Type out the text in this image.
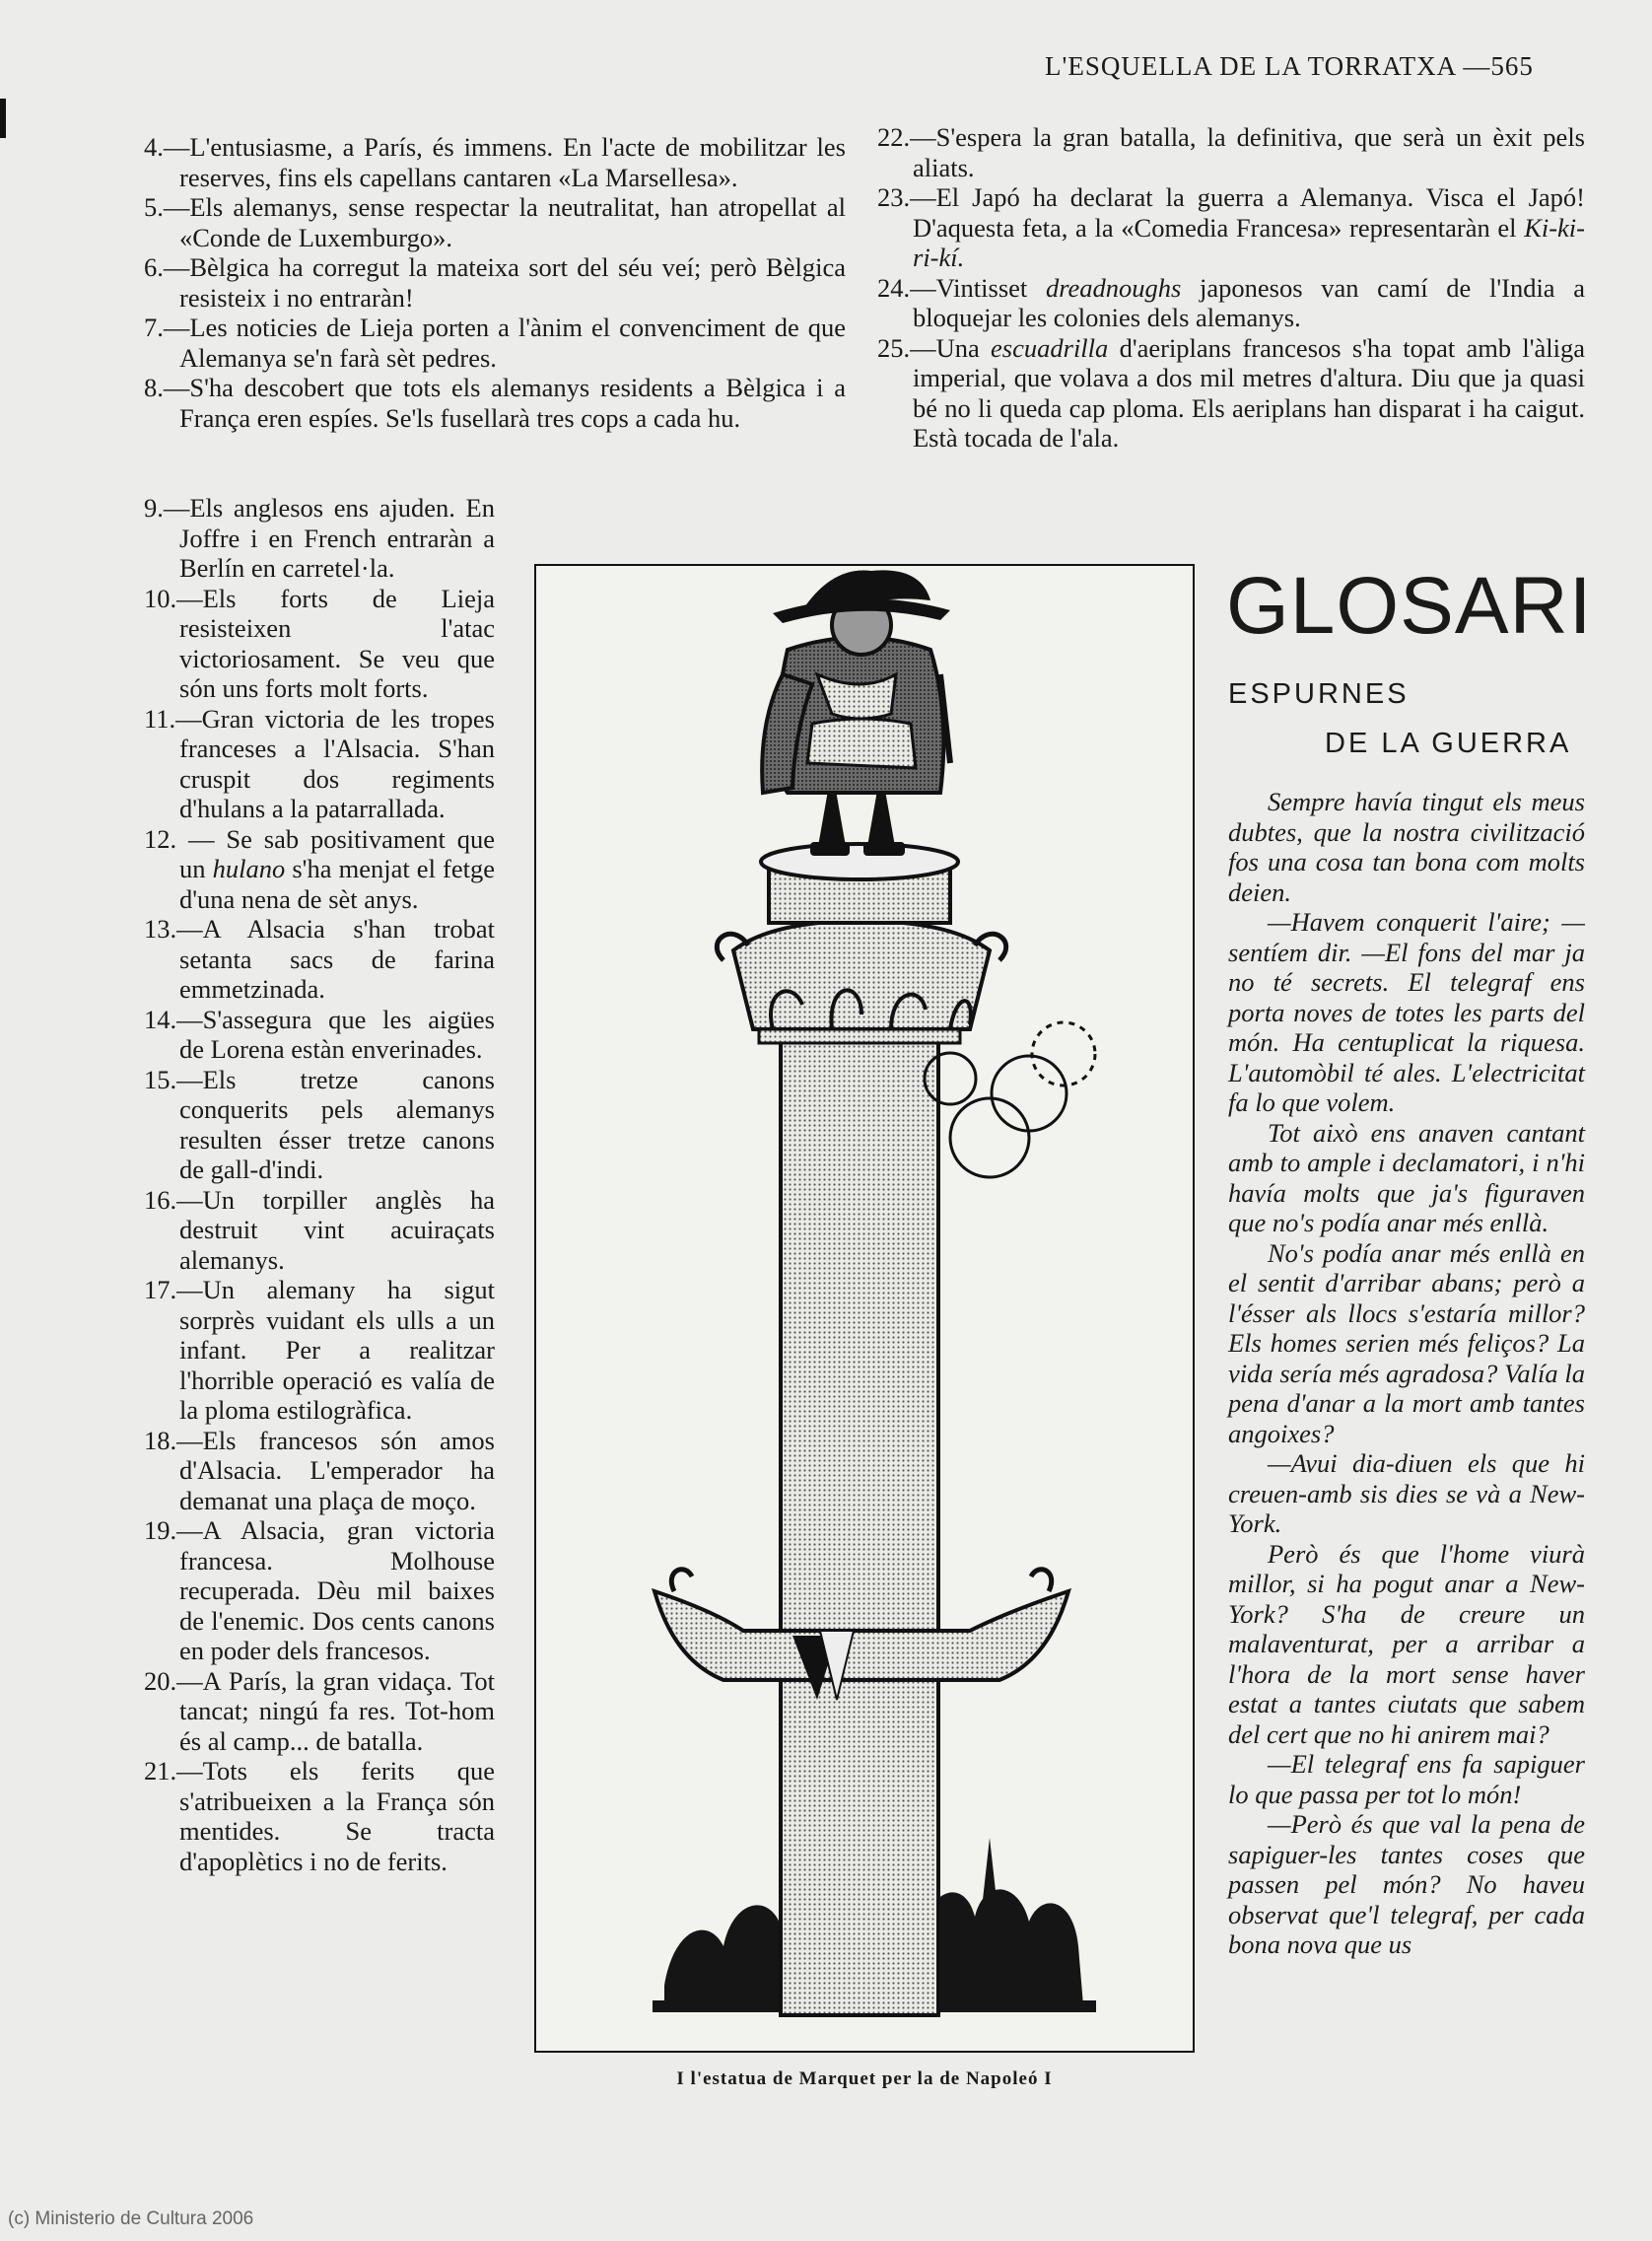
L'ESQUELLA DE LA TORRATXA —565

4.—L'entusiasme, a París, és immens. En l'acte de mobilitzar les reserves, fins els capellans cantaren «La Marsellesa».

5.—Els alemanys, sense respectar la neutralitat, han atropellat al «Conde de Luxemburgo».

6.—Bèlgica ha corregut la mateixa sort del séu veí; però Bèlgica resisteix i no entraràn!

7.—Les noticies de Lieja porten a l'ànim el convenciment de que Alemanya se'n farà sèt pedres.

8.—S'ha descobert que tots els alemanys residents a Bèlgica i a França eren espíes. Se'ls fusellarà tres cops a cada hu.

9.—Els anglesos ens ajuden. En Joffre i en French entraràn a Berlín en carretel·la.

10.—Els forts de Lieja resisteixen l'atac victoriosament. Se veu que són uns forts molt forts.

11.—Gran victoria de les tropes franceses a l'Alsacia. S'han cruspit dos regiments d'hulans a la patarrallada.

12. — Se sab positivament que un hulano s'ha menjat el fetge d'una nena de sèt anys.

13.—A Alsacia s'han trobat setanta sacs de farina emmetzinada.

14.—S'assegura que les aigües de Lorena estàn enverinades.

15.—Els tretze canons conquerits pels alemanys resulten ésser tretze canons de gall-d'indi.

16.—Un torpiller anglès ha destruit vint acuiraçats alemanys.

17.—Un alemany ha sigut sorprès vuidant els ulls a un infant. Per a realitzar l'horrible operació es valía de la ploma estilogràfica.

18.—Els francesos són amos d'Alsacia. L'emperador ha demanat una plaça de moço.

19.—A Alsacia, gran victoria francesa. Molhouse recuperada. Dèu mil baixes de l'enemic. Dos cents canons en poder dels francesos.

20.—A París, la gran vidaça. Tot tancat; ningú fa res. Tot-hom és al camp... de batalla.

21.—Tots els ferits que s'atribueixen a la França són mentides. Se tracta d'apoplètics i no de ferits.

22.—S'espera la gran batalla, la definitiva, que serà un èxit pels aliats.

23.—El Japó ha declarat la guerra a Alemanya. Visca el Japó! D'aquesta feta, a la «Comedia Francesa» representaràn el Ki-ki-ri-kí.

24.—Vintisset dreadnoughs japonesos van camí de l'India a bloquejar les colonies dels alemanys.

25.—Una escuadrilla d'aeriplans francesos s'ha topat amb l'àliga imperial, que volava a dos mil metres d'altura. Diu que ja quasi bé no li queda cap ploma. Els aeriplans han disparat i ha caigut. Està tocada de l'ala.

I l'estatua de Marquet per la de Napoleó I
GLOSARI
ESPURNES
DE LA GUERRA

Sempre havía tingut els meus dubtes, que la nostra civilització fos una cosa tan bona com molts deien.

—Havem conquerit l'aire; —sentíem dir. —El fons del mar ja no té secrets. El telegraf ens porta noves de totes les parts del món. Ha centuplicat la riquesa. L'automòbil té ales. L'electricitat fa lo que volem.

Tot això ens anaven cantant amb to ample i declamatori, i n'hi havía molts que ja's figuraven que no's podía anar més enllà.

No's podía anar més enllà en el sentit d'arribar abans; però a l'ésser als llocs s'estaría millor? Els homes serien més feliços? La vida sería més agradosa? Valía la pena d'anar a la mort amb tantes angoixes?

—Avui dia-diuen els que hi creuen-amb sis dies se và a New-York.

Però és que l'home viurà millor, si ha pogut anar a New-York? S'ha de creure un malaventurat, per a arribar a l'hora de la mort sense haver estat a tantes ciutats que sabem del cert que no hi anirem mai?

—El telegraf ens fa sapiguer lo que passa per tot lo món!

—Però és que val la pena de sapiguer-les tantes coses que passen pel món? No haveu observat que'l telegraf, per cada bona nova que us

(c) Ministerio de Cultura 2006
